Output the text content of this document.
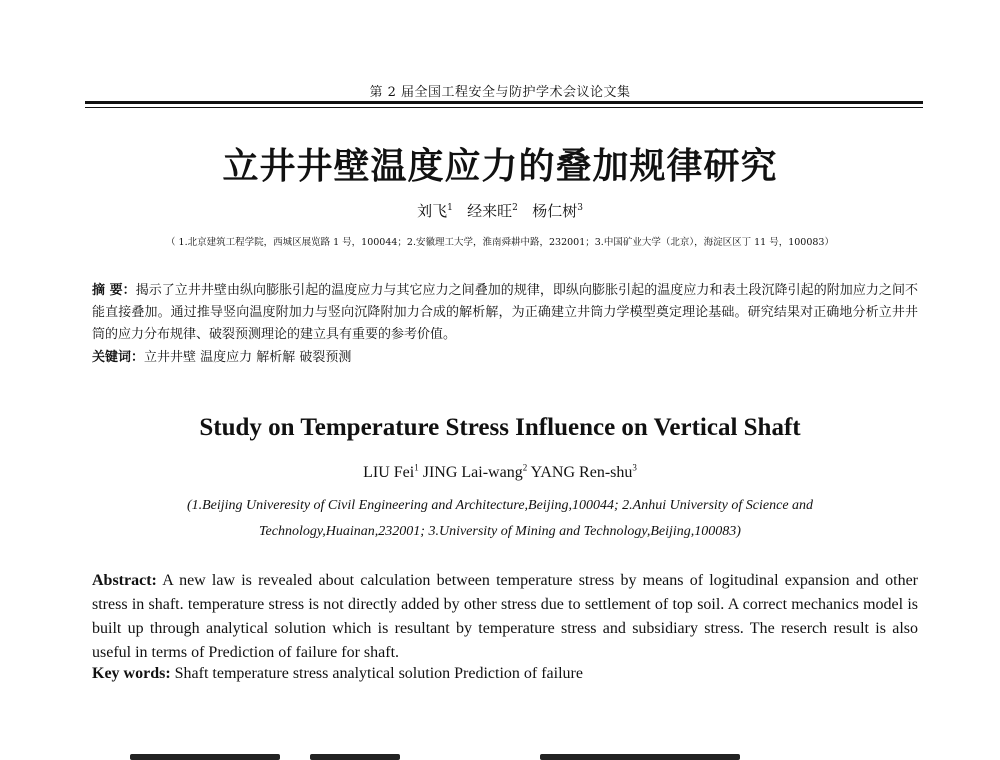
第 2 届全国工程安全与防护学术会议论文集
立井井壁温度应力的叠加规律研究
刘飞$^1$ 经来旺$^2$ 杨仁树$^3$
（ 1.北京建筑工程学院，西城区展览路 1 号，100044；2.安徽理工大学，淮南舜耕中路，232001；3.中国矿业大学（北京），海淀区区丁 11 号，100083）
摘 要：揭示了立井井壁由纵向膨胀引起的温度应力与其它应力之间叠加的规律，即纵向膨胀引起的温度应力和表土段沉降引起的附加应力之间不能直接叠加。通过推导竖向温度附加力与竖向沉降附加力合成的解析解，为正确建立井筒力学模型奠定理论基础。研究结果对正确地分析立井井筒的应力分布规律、破裂预测理论的建立具有重要的参考价值。
关键词：立井井壁 温度应力 解析解 破裂预测
Study on Temperature Stress Influence on Vertical Shaft
LIU Fei$^1$ JING Lai-wang$^2$ YANG Ren-shu$^3$
(1.Beijing Univeresity of Civil Engineering and Architecture,Beijing,100044; 2.Anhui University of Science and
Technology,Huainan,232001; 3.University of Mining and Technology,Beijing,100083)
Abstract: A new law is revealed about calculation between temperature stress by means of logitudinal expansion and other stress in shaft. temperature stress is not directly added by other stress due to settlement of top soil. A correct mechanics model is built up through analytical solution which is resultant by temperature stress and subsidiary stress. The reserch result is also useful in terms of Prediction of failure for shaft.
Key words: Shaft temperature stress analytical solution Prediction of failure
